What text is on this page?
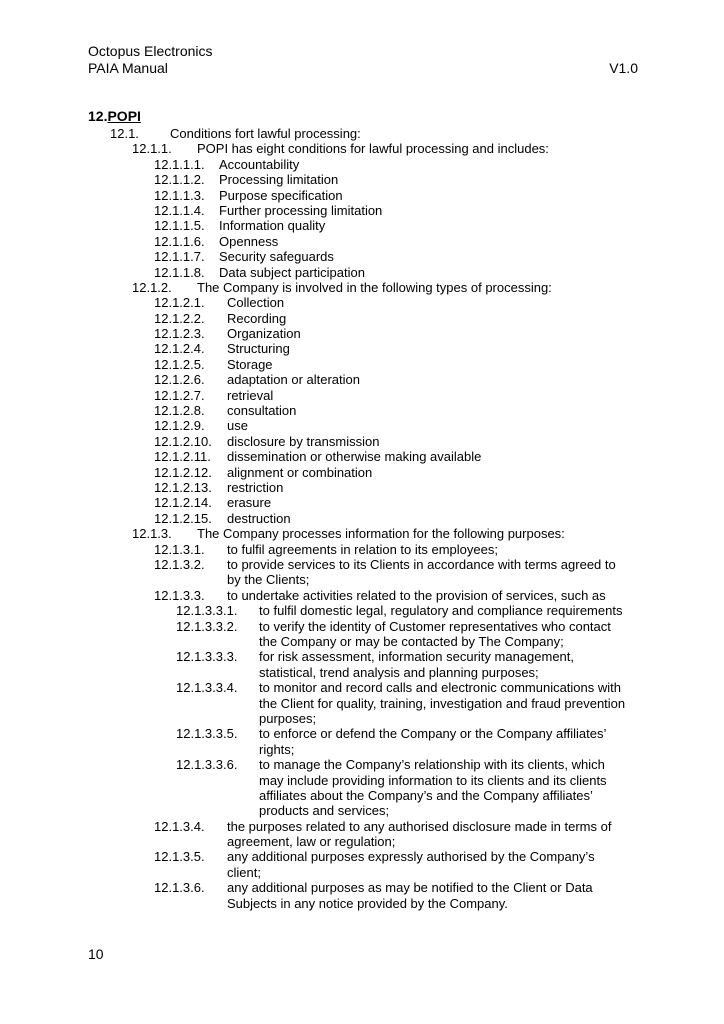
Octopus Electronics
PAIA Manual	V1.0
12.POPI
12.1. Conditions fort lawful processing:
12.1.1. POPI has eight conditions for lawful processing and includes:
12.1.1.1. Accountability
12.1.1.2. Processing limitation
12.1.1.3. Purpose specification
12.1.1.4. Further processing limitation
12.1.1.5. Information quality
12.1.1.6. Openness
12.1.1.7. Security safeguards
12.1.1.8. Data subject participation
12.1.2. The Company is involved in the following types of processing:
12.1.2.1. Collection
12.1.2.2. Recording
12.1.2.3. Organization
12.1.2.4. Structuring
12.1.2.5. Storage
12.1.2.6. adaptation or alteration
12.1.2.7. retrieval
12.1.2.8. consultation
12.1.2.9. use
12.1.2.10. disclosure by transmission
12.1.2.11. dissemination or otherwise making available
12.1.2.12. alignment or combination
12.1.2.13. restriction
12.1.2.14. erasure
12.1.2.15. destruction
12.1.3. The Company processes information for the following purposes:
12.1.3.1. to fulfil agreements in relation to its employees;
12.1.3.2. to provide services to its Clients in accordance with terms agreed to
by the Clients;
12.1.3.3. to undertake activities related to the provision of services, such as
12.1.3.3.1. to fulfil domestic legal, regulatory and compliance requirements
12.1.3.3.2. to verify the identity of Customer representatives who contact
the Company or may be contacted by The Company;
12.1.3.3.3. for risk assessment, information security management,
statistical, trend analysis and planning purposes;
12.1.3.3.4. to monitor and record calls and electronic communications with
the Client for quality, training, investigation and fraud prevention
purposes;
12.1.3.3.5. to enforce or defend the Company or the Company affiliates’
rights;
12.1.3.3.6. to manage the Company’s relationship with its clients, which
may include providing information to its clients and its clients
affiliates about the Company’s and the Company affiliates’
products and services;
12.1.3.4. the purposes related to any authorised disclosure made in terms of
agreement, law or regulation;
12.1.3.5. any additional purposes expressly authorised by the Company’s
client;
12.1.3.6. any additional purposes as may be notified to the Client or Data
Subjects in any notice provided by the Company.
10
